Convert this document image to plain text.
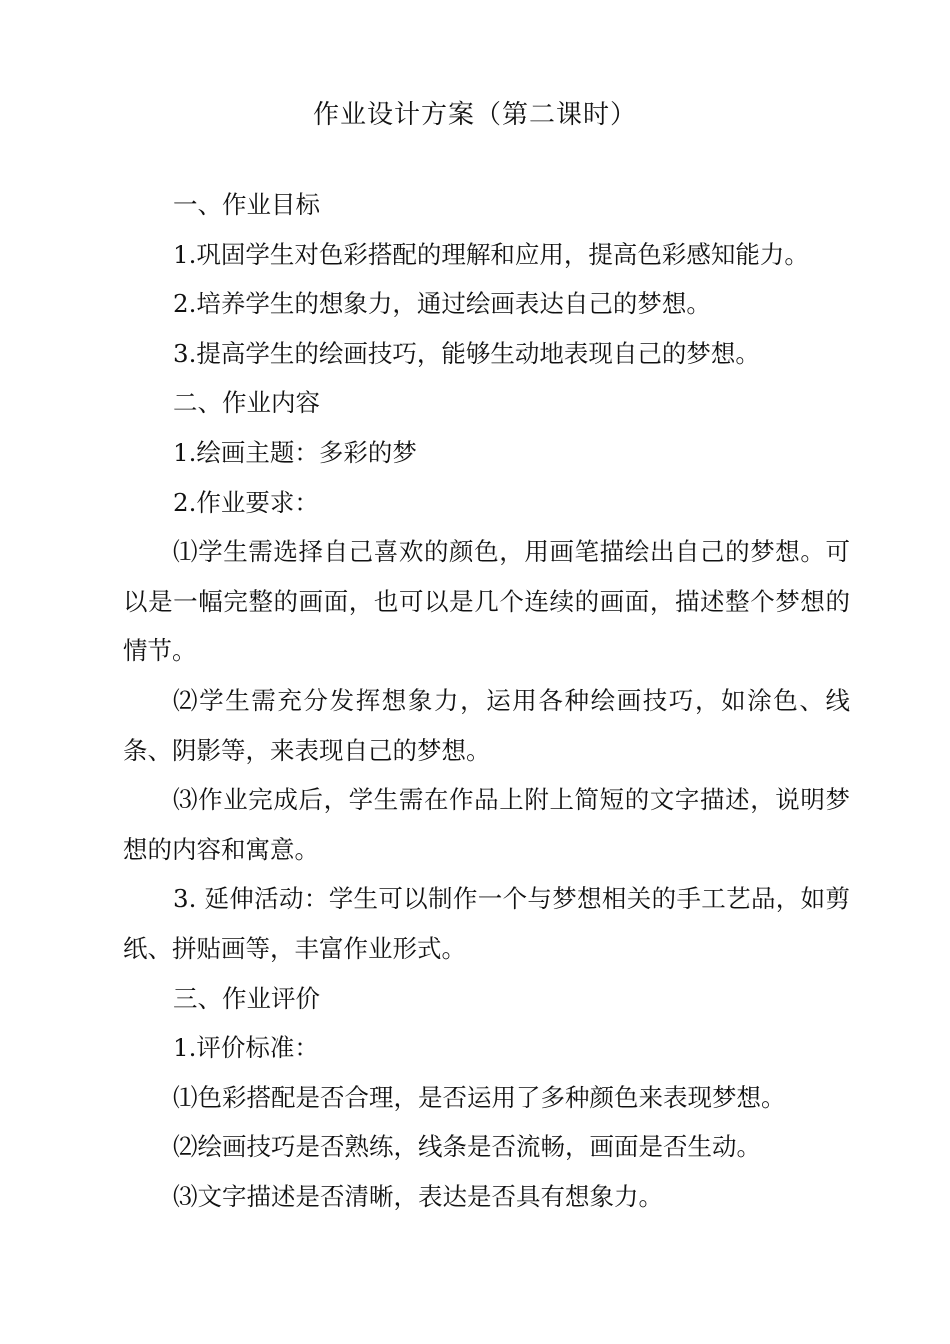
作业设计方案（第二课时）

一、作业目标

1.巩固学生对色彩搭配的理解和应用，提高色彩感知能力。

2.培养学生的想象力，通过绘画表达自己的梦想。

3.提高学生的绘画技巧，能够生动地表现自己的梦想。

二、作业内容

1.绘画主题：多彩的梦

2.作业要求：

⑴学生需选择自己喜欢的颜色，用画笔描绘出自己的梦想。可以是一幅完整的画面，也可以是几个连续的画面，描述整个梦想的情节。

⑵学生需充分发挥想象力，运用各种绘画技巧，如涂色、线条、阴影等，来表现自己的梦想。

⑶作业完成后，学生需在作品上附上简短的文字描述，说明梦想的内容和寓意。

3. 延伸活动：学生可以制作一个与梦想相关的手工艺品，如剪纸、拼贴画等，丰富作业形式。

三、作业评价

1.评价标准：

⑴色彩搭配是否合理，是否运用了多种颜色来表现梦想。

⑵绘画技巧是否熟练，线条是否流畅，画面是否生动。

⑶文字描述是否清晰，表达是否具有想象力。
